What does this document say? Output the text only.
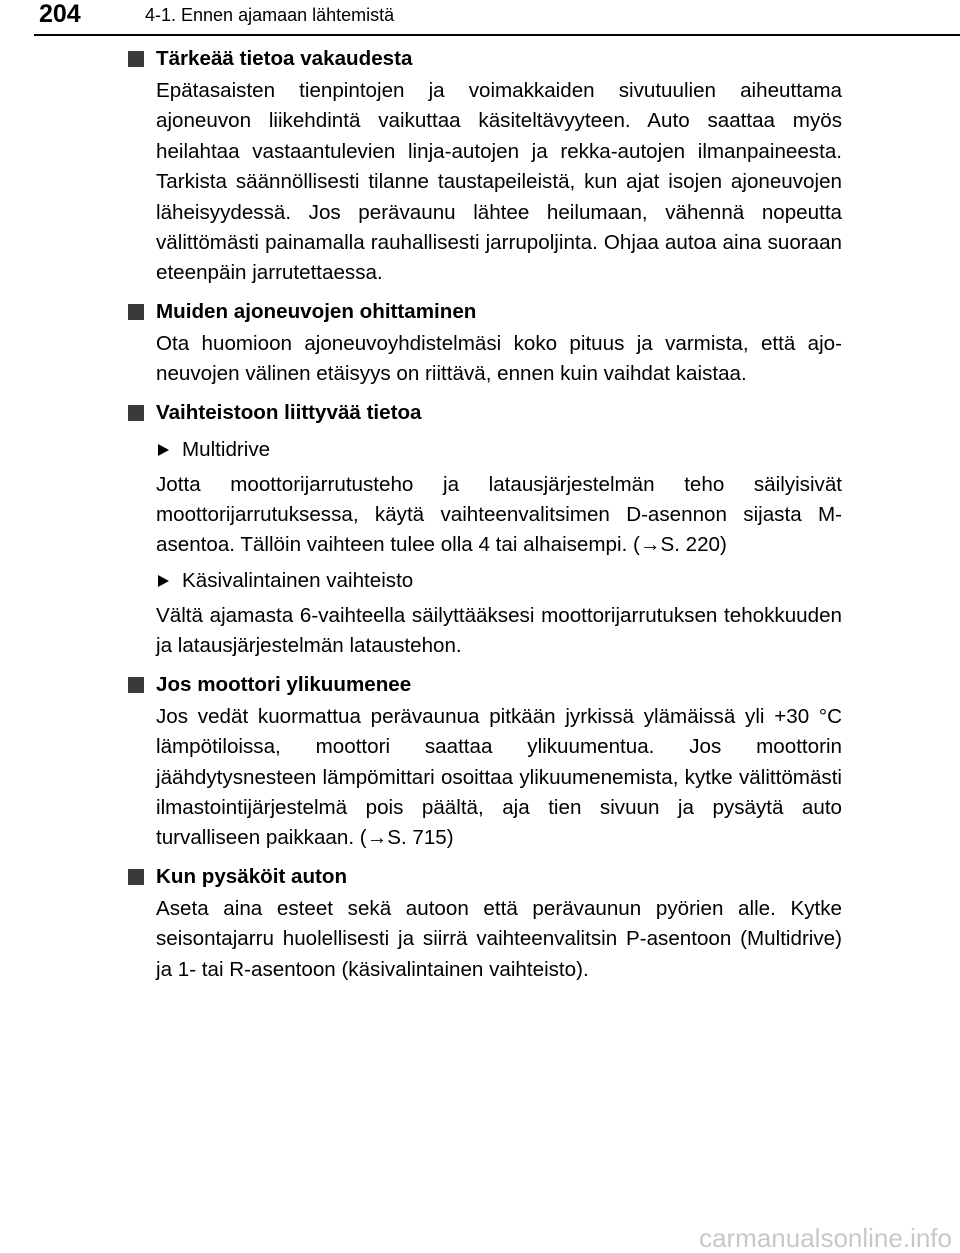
204	4-1. Ennen ajamaan lähtemistä
Tärkeää tietoa vakaudesta

Epätasaisten tienpintojen ja voimakkaiden sivutuulien aiheuttama ajoneuvon liikehdintä vaikuttaa käsiteltävyyteen. Auto saattaa myös heilahtaa vastaantulevien linja-autojen ja rekka-autojen ilmanpaineesta. Tarkista säännöllisesti tilanne taustapeileistä, kun ajat isojen ajoneuvojen läheisyydessä. Jos perävaunu lähtee heilumaan, vähennä nopeutta välittömästi painamalla rauhallisesti jarrupoljinta. Ohjaa autoa aina suoraan eteenpäin jarrutettaessa.

Muiden ajoneuvojen ohittaminen

Ota huomioon ajoneuvoyhdistelmäsi koko pituus ja varmista, että ajoneuvojen välinen etäisyys on riittävä, ennen kuin vaihdat kaistaa.

Vaihteistoon liittyvää tietoa
Multidrive

Jotta moottorijarrutusteho ja latausjärjestelmän teho säilyisivät moottorijarrutuksessa, käytä vaihteenvalitsimen D-asennon sijasta M-asentoa. Tällöin vaihteen tulee olla 4 tai alhaisempi. (→S. 220)

Käsivalintainen vaihteisto

Vältä ajamasta 6-vaihteella säilyttääksesi moottorijarrutuksen tehokkuuden ja latausjärjestelmän lataustehon.

Jos moottori ylikuumenee

Jos vedät kuormattua perävaunua pitkään jyrkissä ylämäissä yli +30 °C lämpötiloissa, moottori saattaa ylikuumentua. Jos moottorin jäähdytysnesteen lämpömittari osoittaa ylikuumenemista, kytke välittömästi ilmastointijärjestelmä pois päältä, aja tien sivuun ja pysäytä auto turvalliseen paikkaan. (→S. 715)

Kun pysäköit auton

Aseta aina esteet sekä autoon että perävaunun pyörien alle. Kytke seisontajarru huolellisesti ja siirrä vaihteenvalitsin P-asentoon (Multidrive) ja 1- tai R-asentoon (käsivalintainen vaihteisto).

carmanualsonline.info
